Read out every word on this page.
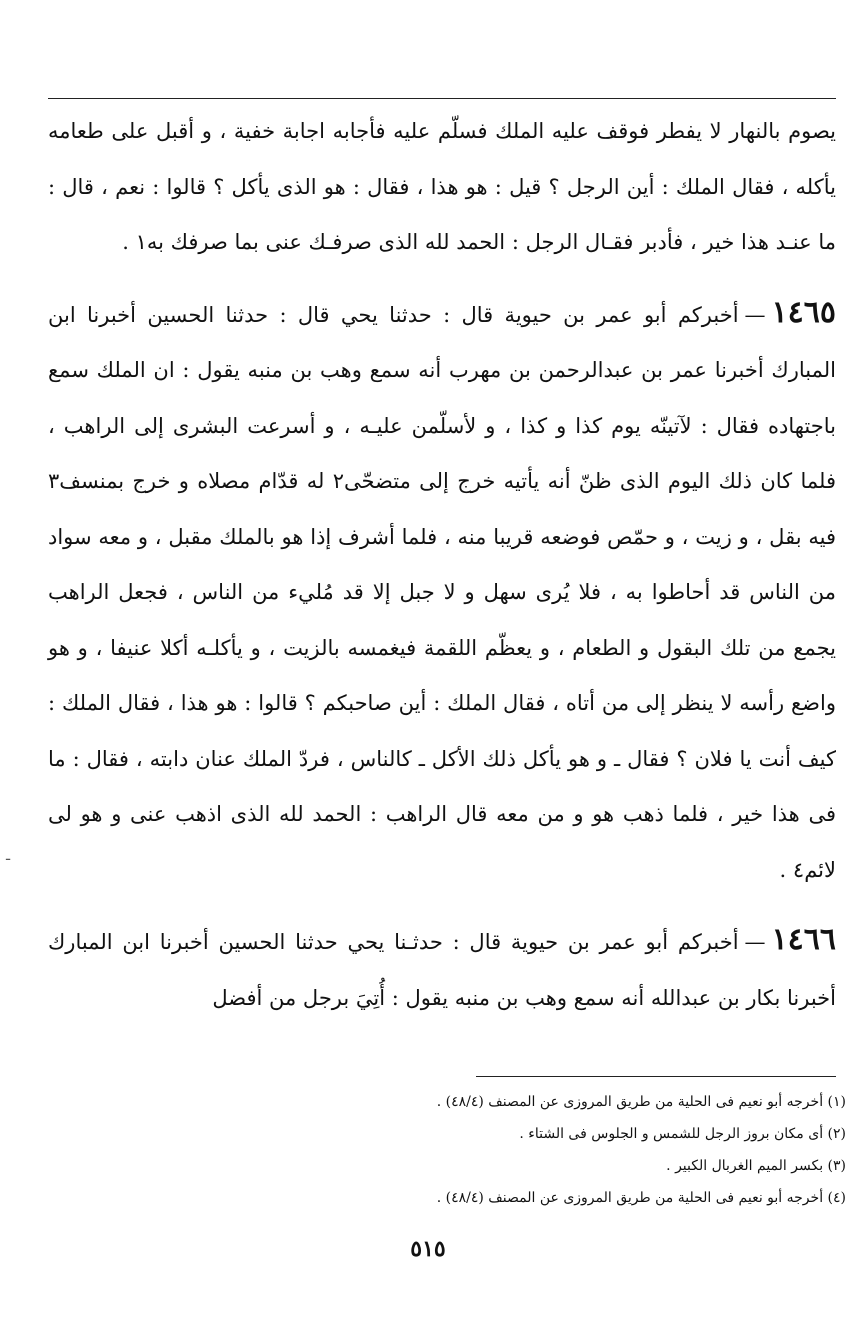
يصوم بالنهار لا يفطر فوقف عليه الملك فسلّم عليه فأجابه اجابة خفية ، و أقبل على طعامه يأكله ، فقال الملك : أين الرجل ؟ قيل : هو هذا ، فقال : هو الذى يأكل ؟ قالوا : نعم ، قال : ما عنـد هذا خير ، فأدبر فقـال الرجل : الحمد لله الذى صرفـك عنى بما صرفك به١ .

١٤٦٥—أخبركم أبو عمر بن حيوية قال : حدثنا يحي قال : حدثنا الحسين أخبرنا ابن المبارك أخبرنا عمر بن عبدالرحمن بن مهرب أنه سمع وهب بن منبه يقول : ان الملك سمع باجتهاده فقال : لآتينّه يوم كذا و كذا ، و لأسلّمن عليـه ، و أسرعت البشرى إلى الراهب ، فلما كان ذلك اليوم الذى ظنّ أنه يأتيه خرج إلى متضحّى٢ له قدّام مصلاه و خرج بمنسف٣ فيه بقل ، و زيت ، و حمّص فوضعه قريبا منه ، فلما أشرف إذا هو بالملك مقبل ، و معه سواد من الناس قد أحاطوا به ، فلا يُرى سهل و لا جبل إلا قد مُليء من الناس ، فجعل الراهب يجمع من تلك البقول و الطعام ، و يعظّم اللقمة فيغمسه بالزيت ، و يأكلـه أكلا عنيفا ، و هو واضع رأسه لا ينظر إلى من أتاه ، فقال الملك : أين صاحبكم ؟ قالوا : هو هذا ، فقال الملك : كيف أنت يا فلان ؟ فقال ـ و هو يأكل ذلك الأكل ـ كالناس ، فردّ الملك عنان دابته ، فقال : ما فى هذا خير ، فلما ذهب هو و من معه قال الراهب : الحمد لله الذى اذهب عنى و هو لى لائم٤ .

١٤٦٦—أخبركم أبو عمر بن حيوية قال : حدثـنا يحي حدثنا الحسين أخبرنا ابن المبارك أخبرنا بكار بن عبدالله أنه سمع وهب بن منبه يقول : أُتِيَ برجل من أفضل

(١) أخرجه أبو نعيم فى الحلية من طريق المروزى عن المصنف (٤٨/٤) .
(٢) أى مكان بروز الرجل للشمس و الجلوس فى الشتاء .
(٣) بكسر الميم الغربال الكبير .
(٤) أخرجه أبو نعيم فى الحلية من طريق المروزى عن المصنف (٤٨/٤) .
٥١٥
ـ
